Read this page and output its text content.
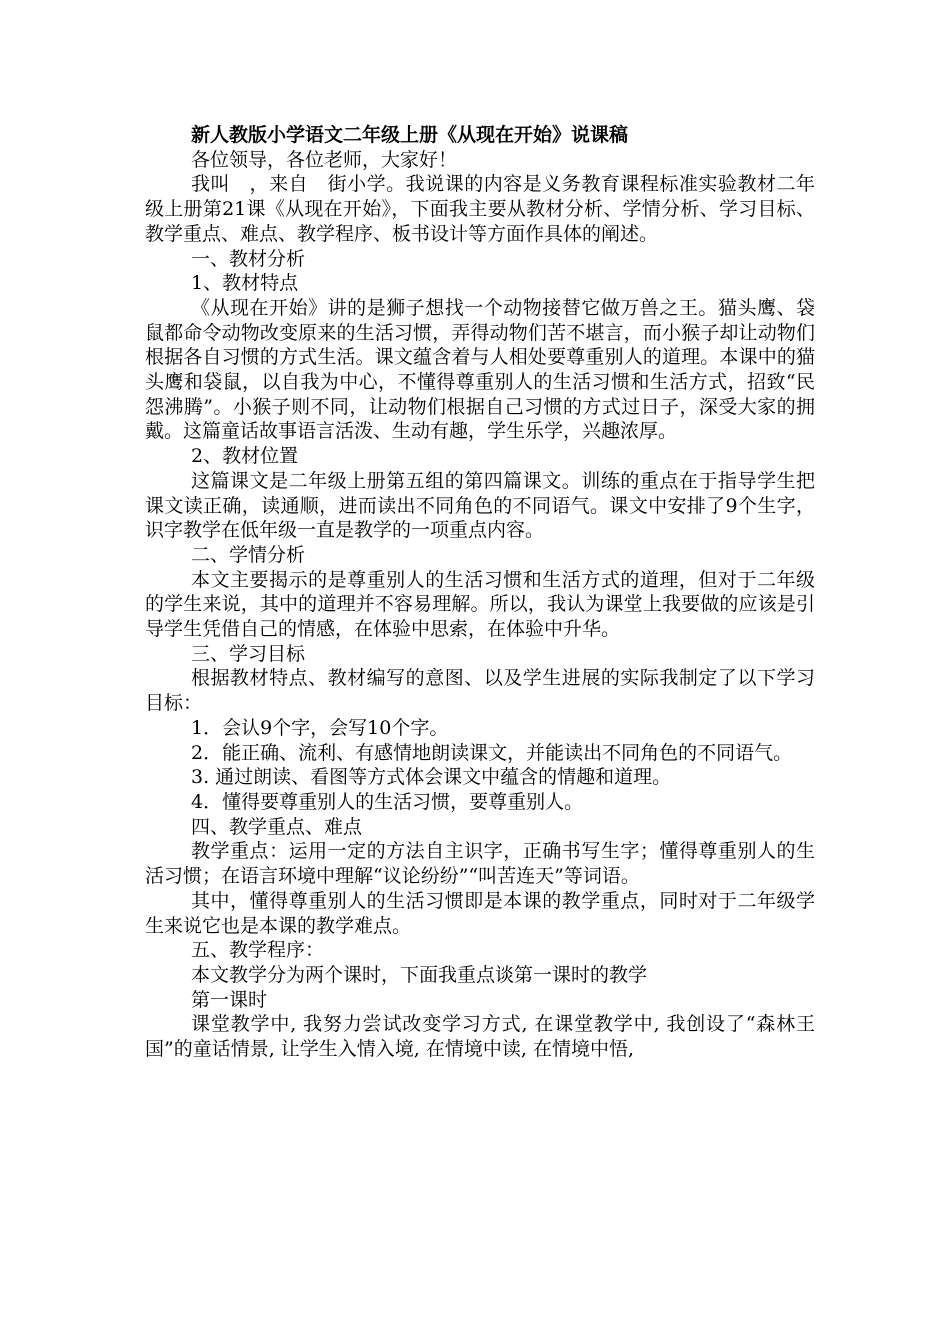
新人教版小学语文二年级上册《从现在开始》说课稿

各位领导，各位老师，大家好！

我叫　，来自　街小学。我说课的内容是义务教育课程标准实验教材二年级上册第21课《从现在开始》，下面我主要从教材分析、学情分析、学习目标、教学重点、难点、教学程序、板书设计等方面作具体的阐述。

一、教材分析

1、教材特点

《从现在开始》讲的是狮子想找一个动物接替它做万兽之王。猫头鹰、袋鼠都命令动物改变原来的生活习惯，弄得动物们苦不堪言，而小猴子却让动物们根据各自习惯的方式生活。课文蕴含着与人相处要尊重别人的道理。本课中的猫头鹰和袋鼠，以自我为中心，不懂得尊重别人的生活习惯和生活方式，招致“民怨沸腾”。小猴子则不同，让动物们根据自己习惯的方式过日子，深受大家的拥戴。这篇童话故事语言活泼、生动有趣，学生乐学，兴趣浓厚。

2、教材位置

这篇课文是二年级上册第五组的第四篇课文。训练的重点在于指导学生把课文读正确，读通顺，进而读出不同角色的不同语气。课文中安排了9个生字，识字教学在低年级一直是教学的一项重点内容。

二、学情分析

本文主要揭示的是尊重别人的生活习惯和生活方式的道理，但对于二年级的学生来说，其中的道理并不容易理解。所以，我认为课堂上我要做的应该是引导学生凭借自己的情感，在体验中思索，在体验中升华。

三、学习目标

根据教材特点、教材编写的意图、以及学生进展的实际我制定了以下学习目标：

1．会认9个字，会写10个字。

2．能正确、流利、有感情地朗读课文，并能读出不同角色的不同语气。

3. 通过朗读、看图等方式体会课文中蕴含的情趣和道理。

4．懂得要尊重别人的生活习惯，要尊重别人。

四、教学重点、难点

教学重点：运用一定的方法自主识字，正确书写生字；懂得尊重别人的生活习惯；在语言环境中理解“议论纷纷”“叫苦连天”等词语。

其中，懂得尊重别人的生活习惯即是本课的教学重点，同时对于二年级学生来说它也是本课的教学难点。

五、教学程序：

本文教学分为两个课时，下面我重点谈第一课时的教学

第一课时

课堂教学中, 我努力尝试改变学习方式, 在课堂教学中, 我创设了“森林王国”的童话情景, 让学生入情入境, 在情境中读, 在情境中悟,
